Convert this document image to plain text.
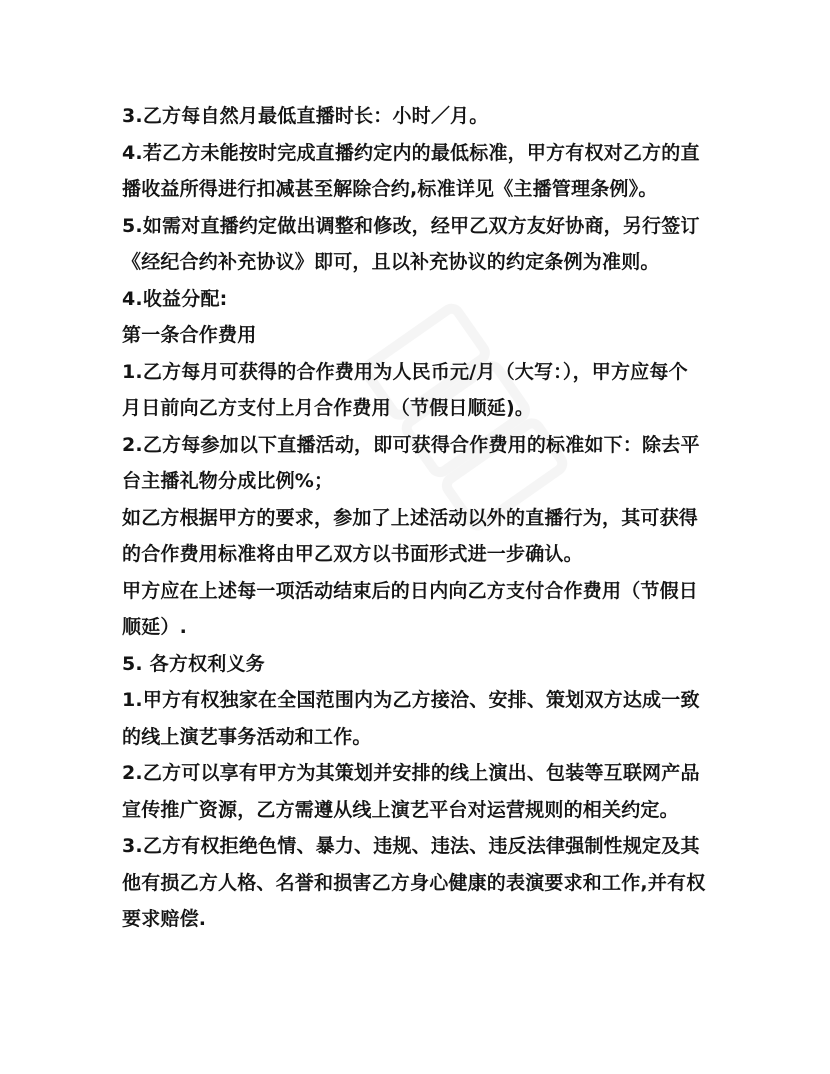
3.乙方每自然月最低直播时长：小时／月。
4.若乙方未能按时完成直播约定内的最低标准，甲方有权对乙方的直
播收益所得进行扣减甚至解除合约,标准详见《主播管理条例》。
5.如需对直播约定做出调整和修改，经甲乙双方友好协商，另行签订
《经纪合约补充协议》即可，且以补充协议的约定条例为准则。
4.收益分配:
第一条合作费用
1.乙方每月可获得的合作费用为人民币元/月（大写：），甲方应每个
月日前向乙方支付上月合作费用（节假日顺延)。
2.乙方每参加以下直播活动，即可获得合作费用的标准如下：除去平
台主播礼物分成比例%；
如乙方根据甲方的要求，参加了上述活动以外的直播行为，其可获得
的合作费用标准将由甲乙双方以书面形式进一步确认。
甲方应在上述每一项活动结束后的日内向乙方支付合作费用（节假日
顺延）.
5. 各方权利义务
1.甲方有权独家在全国范围内为乙方接洽、安排、策划双方达成一致
的线上演艺事务活动和工作。
2.乙方可以享有甲方为其策划并安排的线上演出、包装等互联网产品
宣传推广资源，乙方需遵从线上演艺平台对运营规则的相关约定。
3.乙方有权拒绝色情、暴力、违规、违法、违反法律强制性规定及其
他有损乙方人格、名誉和损害乙方身心健康的表演要求和工作,并有权
要求赔偿.
